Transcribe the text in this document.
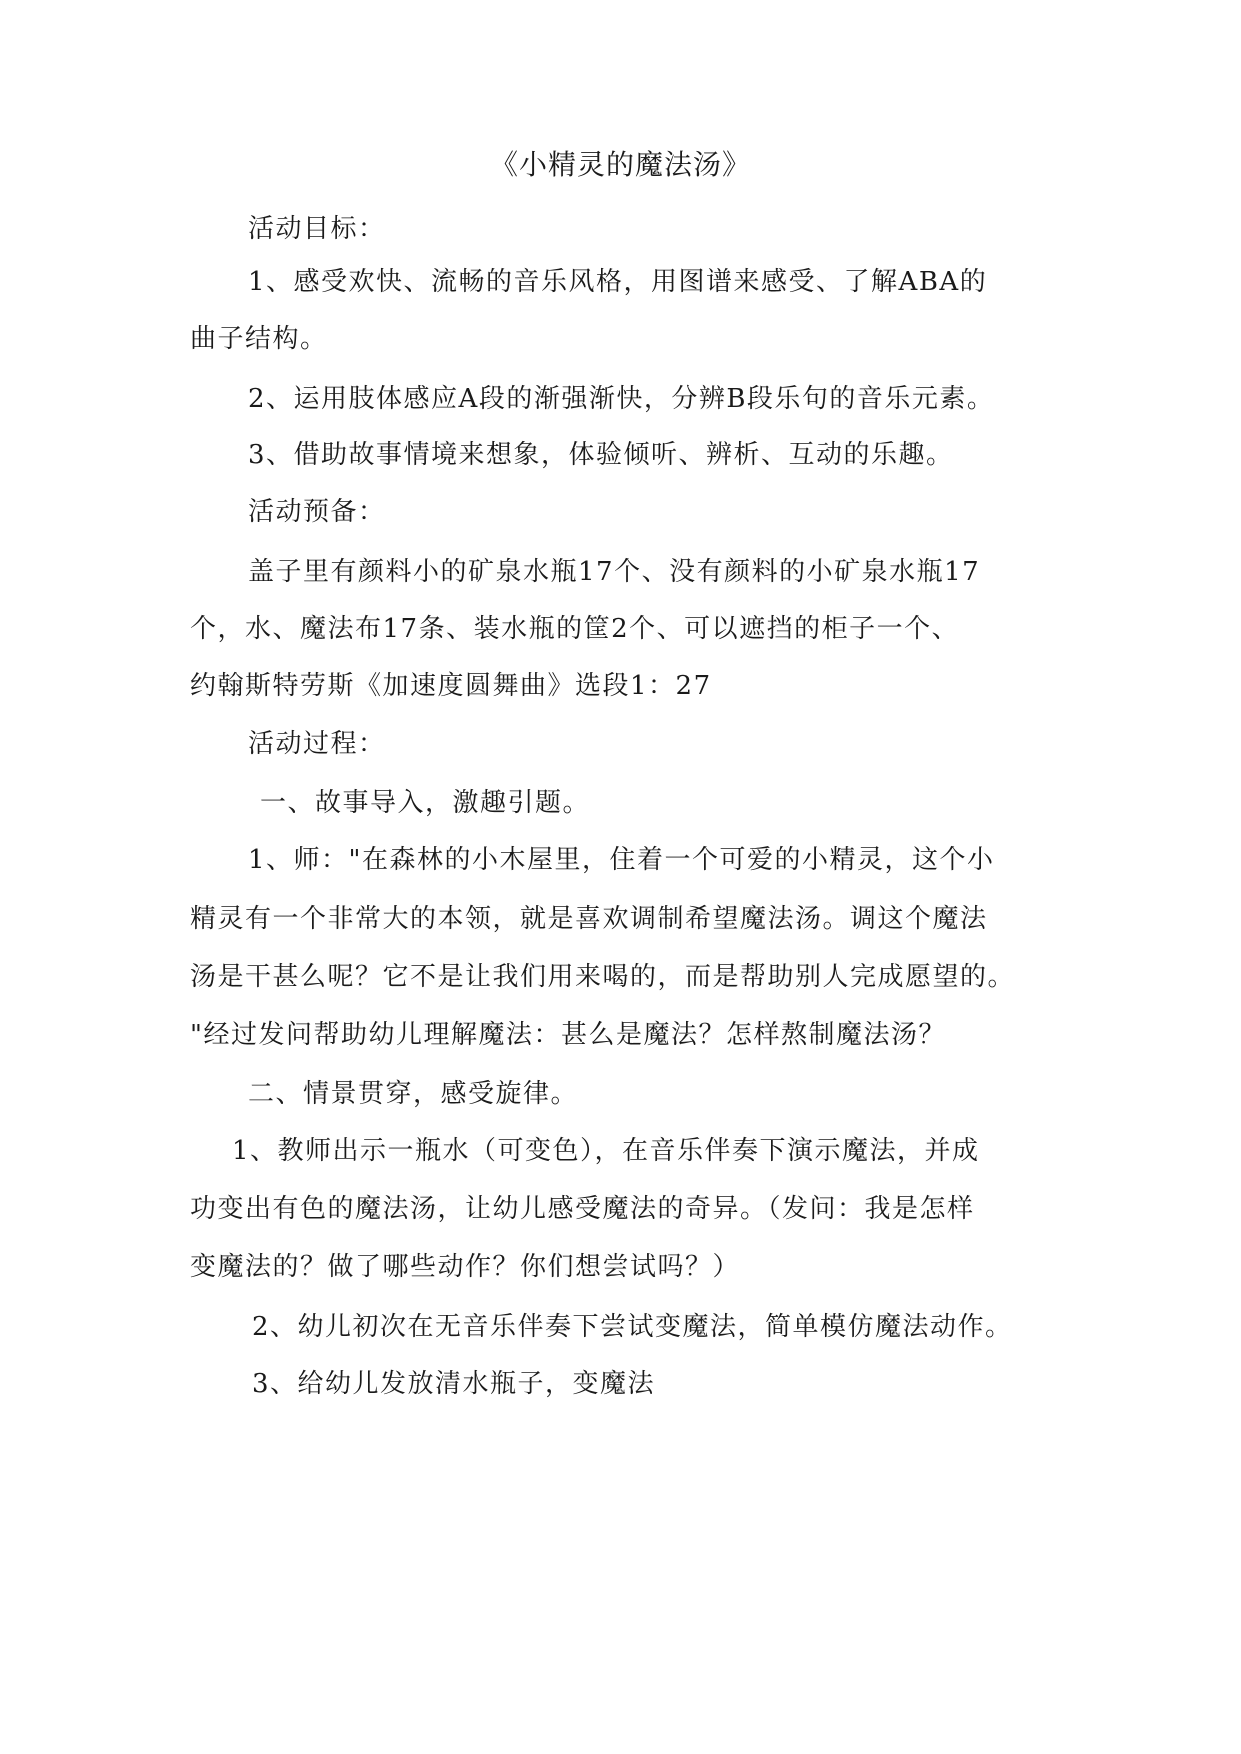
《小精灵的魔法汤》
活动目标：
1、感受欢快、流畅的音乐风格，用图谱来感受、了解ABA的
曲子结构。
2、运用肢体感应A段的渐强渐快，分辨B段乐句的音乐元素。
3、借助故事情境来想象，体验倾听、辨析、互动的乐趣。
活动预备：
盖子里有颜料小的矿泉水瓶17个、没有颜料的小矿泉水瓶17
个，水、魔法布17条、装水瓶的筐2个、可以遮挡的柜子一个、
约翰斯特劳斯《加速度圆舞曲》选段1：27
活动过程：
一、故事导入，激趣引题。
1、师："在森林的小木屋里，住着一个可爱的小精灵，这个小
精灵有一个非常大的本领，就是喜欢调制希望魔法汤。调这个魔法
汤是干甚么呢？它不是让我们用来喝的，而是帮助别人完成愿望的。
"经过发问帮助幼儿理解魔法：甚么是魔法？怎样熬制魔法汤？
二、情景贯穿，感受旋律。
1、教师出示一瓶水（可变色），在音乐伴奏下演示魔法，并成
功变出有色的魔法汤，让幼儿感受魔法的奇异。（发问：我是怎样
变魔法的？做了哪些动作？你们想尝试吗？）
2、幼儿初次在无音乐伴奏下尝试变魔法，简单模仿魔法动作。
3、给幼儿发放清水瓶子，变魔法
